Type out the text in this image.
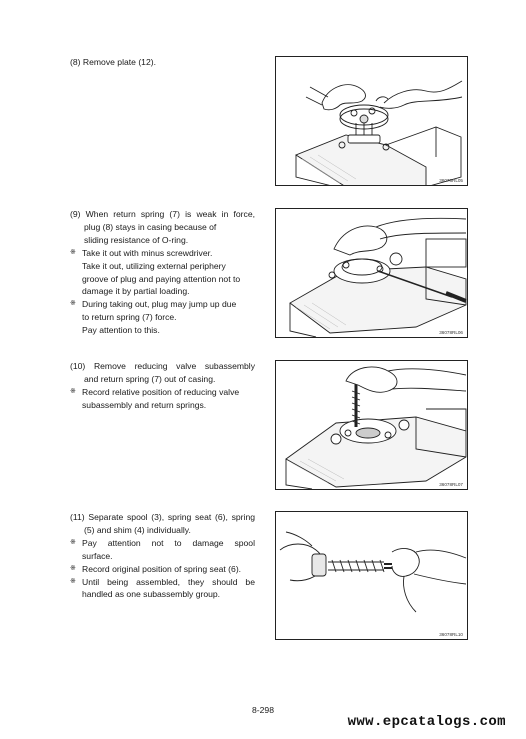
(8) Remove plate (12).
36078RL05
(9) When return spring (7) is weak in force,
plug (8) stays in casing because of
sliding resistance of O-ring.
※ Take it out with minus screwdriver.
Take it out, utilizing external periphery
groove of plug and paying attention not to
damage it by partial loading.
※ During taking out, plug may jump up due
to return spring (7) force.
Pay attention to this.	36078RL06
(10) Remove reducing valve subassembly
and return spring (7) out of casing.
※ Record relative position of reducing valve
subassembly and return springs.
36078RL07
(11) Separate spool (3), spring seat (6), spring
(5) and shim (4) individually.
※ Pay attention not to damage spool
surface.
※ Record original position of spring seat (6).
※ Until being assembled, they should be
handled as one subassembly group.
36078RL10
8-298
www.epcatalogs.com
